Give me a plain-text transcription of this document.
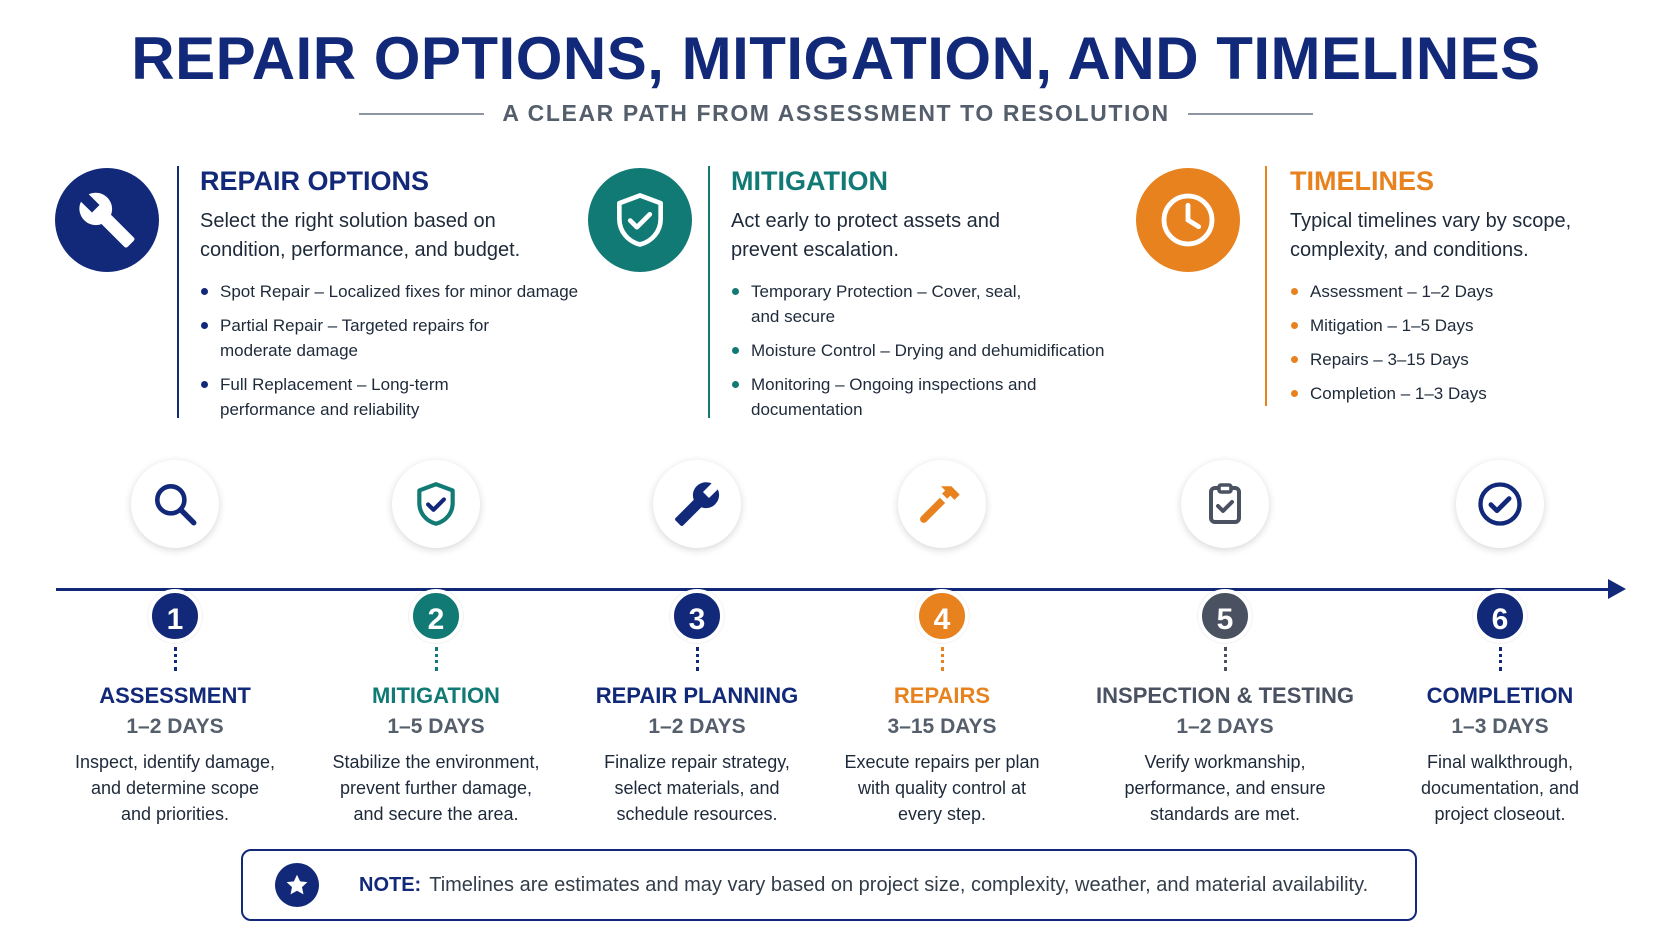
REPAIR OPTIONS, MITIGATION, AND TIMELINES
A CLEAR PATH FROM ASSESSMENT TO RESOLUTION
REPAIR OPTIONS
Select the right solution based on
condition, performance, and budget.
Spot Repair – Localized fixes for minor damage
Partial Repair – Targeted repairs for moderate damage
Full Replacement – Long-term performance and reliability
MITIGATION
Act early to protect assets and
prevent escalation.
Temporary Protection – Cover, seal, and secure
Moisture Control – Drying and dehumidification
Monitoring – Ongoing inspections and documentation
TIMELINES
Typical timelines vary by scope,
complexity, and conditions.
Assessment – 1–2 Days
Mitigation – 1–5 Days
Repairs – 3–15 Days
Completion – 1–3 Days
1
ASSESSMENT
1–2 DAYS
Inspect, identify damage,
and determine scope
and priorities.
2
MITIGATION
1–5 DAYS
Stabilize the environment,
prevent further damage,
and secure the area.
3
REPAIR PLANNING
1–2 DAYS
Finalize repair strategy,
select materials, and
schedule resources.
4
REPAIRS
3–15 DAYS
Execute repairs per plan
with quality control at
every step.
5
INSPECTION & TESTING
1–2 DAYS
Verify workmanship,
performance, and ensure
standards are met.
6
COMPLETION
1–3 DAYS
Final walkthrough,
documentation, and
project closeout.
NOTE: Timelines are estimates and may vary based on project size, complexity, weather, and material availability.
